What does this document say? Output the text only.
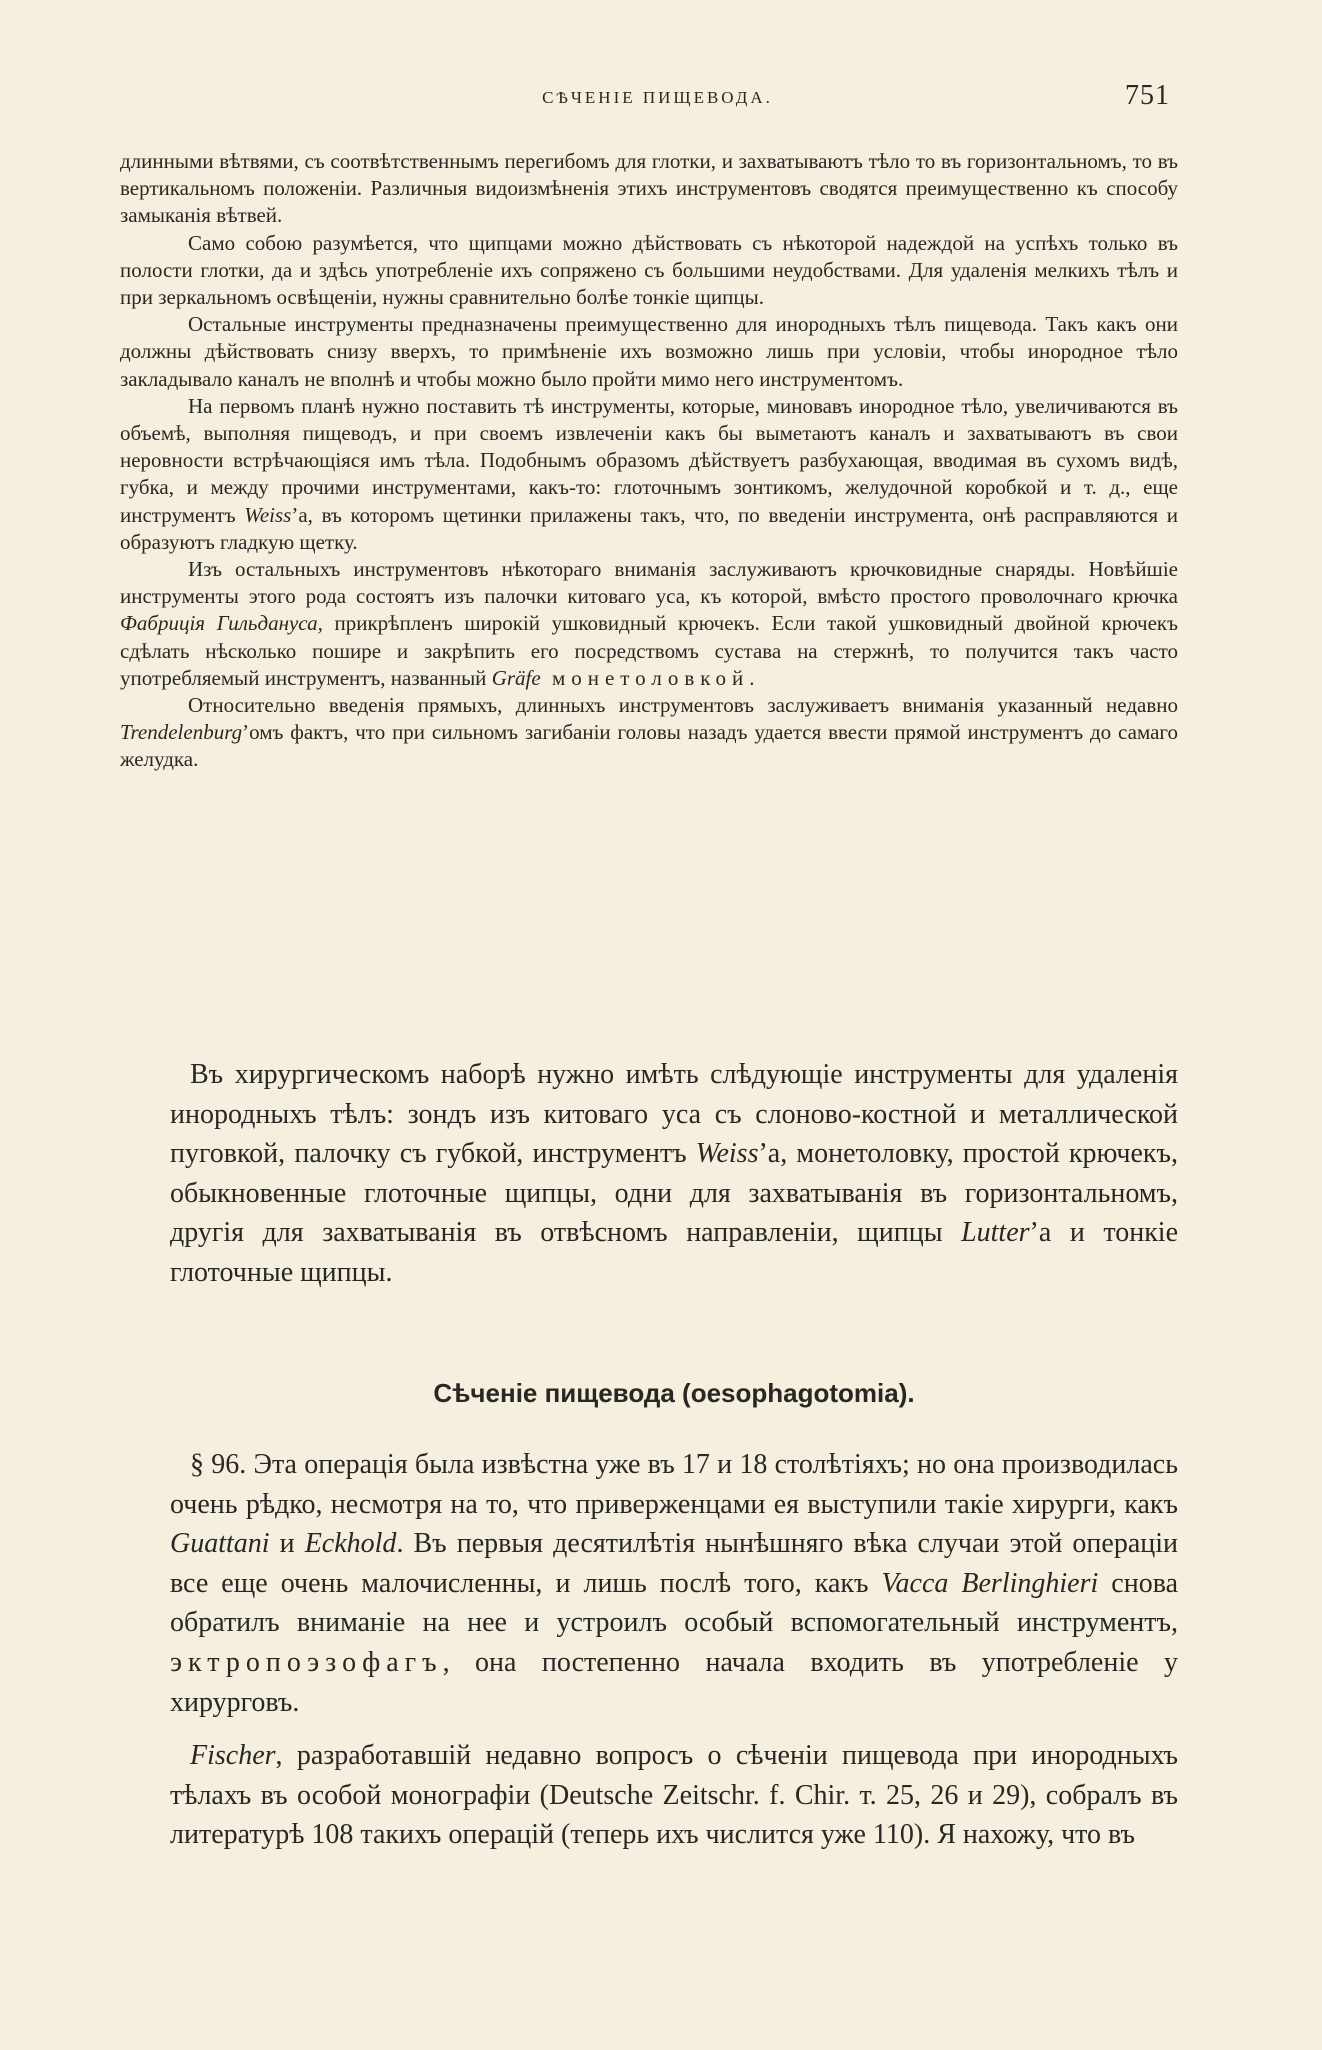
СѢЧЕНІЕ ПИЩЕВОДА.	751

длинными вѣтвями, съ соотвѣтственнымъ перегибомъ для глотки, и захватываютъ тѣло то въ горизонтальномъ, то въ вертикальномъ положеніи. Различныя видоизмѣненія этихъ инструментовъ сводятся преимущественно къ способу замыканія вѣтвей.

Само собою разумѣется, что щипцами можно дѣйствовать съ нѣкоторой надеждой на успѣхъ только въ полости глотки, да и здѣсь употребленіе ихъ сопряжено съ большими неудобствами. Для удаленія мелкихъ тѣлъ и при зеркальномъ освѣщеніи, нужны сравнительно болѣе тонкіе щипцы.

Остальные инструменты предназначены преимущественно для инородныхъ тѣлъ пищевода. Такъ какъ они должны дѣйствовать снизу вверхъ, то примѣненіе ихъ возможно лишь при условіи, чтобы инородное тѣло закладывало каналъ не вполнѣ и чтобы можно было пройти мимо него инструментомъ.

На первомъ планѣ нужно поставить тѣ инструменты, которые, миновавъ инородное тѣло, увеличиваются въ объемѣ, выполняя пищеводъ, и при своемъ извлеченіи какъ бы выметаютъ каналъ и захватываютъ въ свои неровности встрѣчающіяся имъ тѣла. Подобнымъ образомъ дѣйствуетъ разбухающая, вводимая въ сухомъ видѣ, губка, и между прочими инструментами, какъ-то: глоточнымъ зонтикомъ, желудочной коробкой и т. д., еще инструментъ Weiss’а, въ которомъ щетинки прилажены такъ, что, по введеніи инструмента, онѣ расправляются и образуютъ гладкую щетку.

Изъ остальныхъ инструментовъ нѣкотораго вниманія заслуживаютъ крючковидные снаряды. Новѣйшіе инструменты этого рода состоятъ изъ палочки китоваго уса, къ которой, вмѣсто простого проволочнаго крючка Фабриція Гильдануса, прикрѣпленъ широкій ушковидный крючекъ. Если такой ушковидный двойной крючекъ сдѣлать нѣсколько пошире и закрѣпить его посредствомъ сустава на стержнѣ, то получится такъ часто употребляемый инструментъ, названный Gräfe монетоловкой.

Относительно введенія прямыхъ, длинныхъ инструментовъ заслуживаетъ вниманія указанный недавно Trendelenburg’омъ фактъ, что при сильномъ загибаніи головы назадъ удается ввести прямой инструментъ до самаго желудка.

Въ хирургическомъ наборѣ нужно имѣть слѣдующіе инструменты для удаленія инородныхъ тѣлъ: зондъ изъ китоваго уса съ слоново-костной и металлической пуговкой, палочку съ губкой, инструментъ Weiss’а, монетоловку, простой крючекъ, обыкновенные глоточные щипцы, одни для захватыванія въ горизонтальномъ, другія для захватыванія въ отвѣсномъ направленіи, щипцы Lutter’а и тонкіе глоточные щипцы.

Сѣченіе пищевода (oesophagotomia).

§ 96. Эта операція была извѣстна уже въ 17 и 18 столѣтіяхъ; но она производилась очень рѣдко, несмотря на то, что приверженцами ея выступили такіе хирурги, какъ Guattani и Eckhold. Въ первыя десятилѣтія нынѣшняго вѣка случаи этой операціи все еще очень малочисленны, и лишь послѣ того, какъ Vacca Berlinghieri снова обратилъ вниманіе на нее и устроилъ особый вспомогательный инструментъ, эктропоэзофагъ, она постепенно начала входить въ употребленіе у хирурговъ.

Fischer, разработавшій недавно вопросъ о сѣченіи пищевода при инородныхъ тѣлахъ въ особой монографіи (Deutsche Zeitschr. f. Chir. т. 25, 26 и 29), собралъ въ литературѣ 108 такихъ операцій (теперь ихъ числится уже 110). Я нахожу, что въ
